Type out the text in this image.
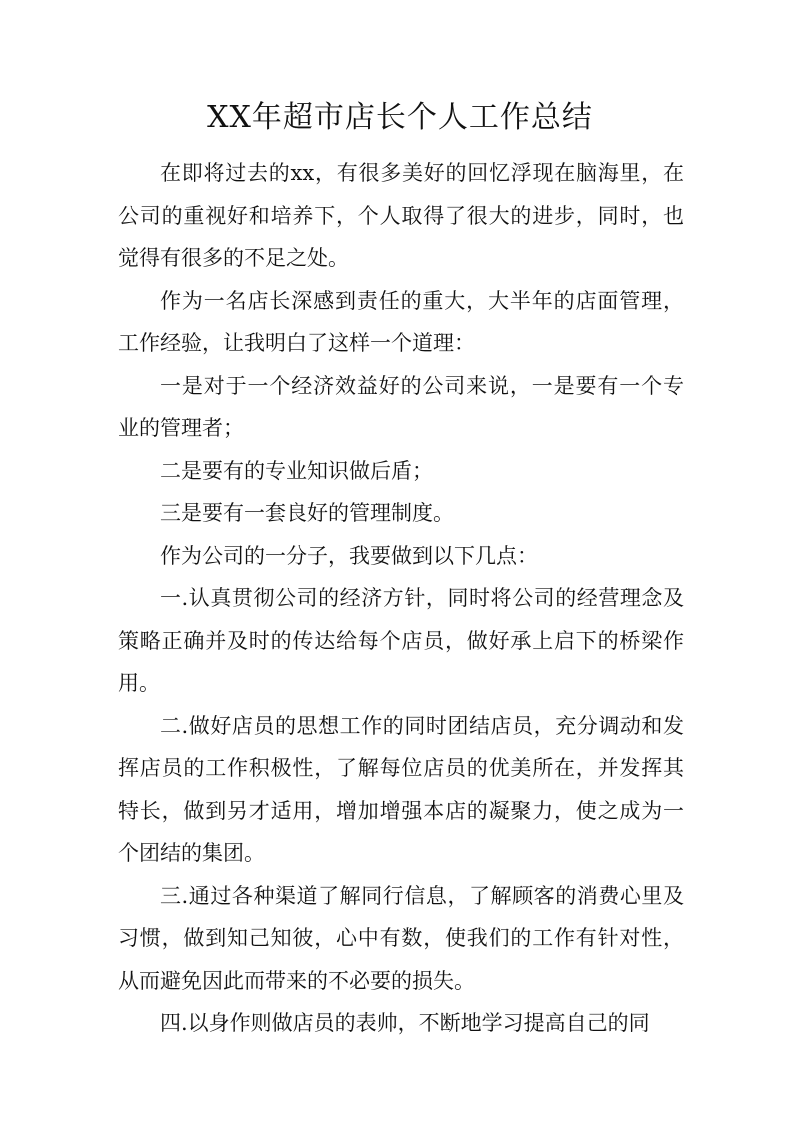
XX年超市店长个人工作总结

在即将过去的xx，有很多美好的回忆浮现在脑海里，在公司的重视好和培养下，个人取得了很大的进步，同时，也觉得有很多的不足之处。

作为一名店长深感到责任的重大，大半年的店面管理，工作经验，让我明白了这样一个道理：

一是对于一个经济效益好的公司来说，一是要有一个专业的管理者；

二是要有的专业知识做后盾；

三是要有一套良好的管理制度。

作为公司的一分子，我要做到以下几点：

一.认真贯彻公司的经济方针，同时将公司的经营理念及策略正确并及时的传达给每个店员，做好承上启下的桥梁作用。

二.做好店员的思想工作的同时团结店员，充分调动和发挥店员的工作积极性，了解每位店员的优美所在，并发挥其特长，做到另才适用，增加增强本店的凝聚力，使之成为一个团结的集团。

三.通过各种渠道了解同行信息，了解顾客的消费心里及习惯，做到知己知彼，心中有数，使我们的工作有针对性，从而避免因此而带来的不必要的损失。

四.以身作则做店员的表帅，不断地学习提高自己的同
